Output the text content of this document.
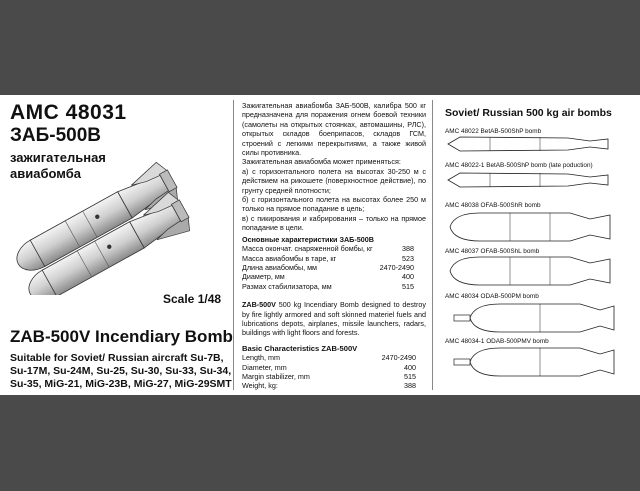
AMC 48031
ЗАБ-500В
зажигательная
авиабомба
Scale 1/48
ZAB-500V Incendiary Bomb
Suitable for Soviet/ Russian aircraft Su-7B, Su-17M, Su-24M, Su-25, Su-30, Su-33, Su-34, Su-35, MiG-21, MiG-23B, MiG-27, MiG-29SMT

Зажигательная авиабомба ЗАБ-500В, калибра 500 кг предназначена для поражения огнем боевой техники (самолеты на открытых стоянках, автомашины, РЛС), открытых складов боеприпасов, складов ГСМ, строений с легкими перекрытиями, а также живой силы противника.

Зажигательная авиабомба может применяться:

а) с горизонтального полета на высотах 30-250 м с действием на рикошете (поверхностное действие), по грунту средней плотности;

б) с горизонтального полета на высотах более 250 м только на прямое попадание в цель;

в) с пикирования и кабрирования – только на прямое попадание в цели.

Основные характеристики ЗАБ-500В

Масса окончат. снаряженной бомбы, кг	388
Масса авиабомбы в таре, кг	523
Длина авиабомбы, мм	2470-2490
Диаметр, мм	400
Размах стабилизатора, мм	515

ZAB-500V 500 kg Incendiary Bomb designed to destroy by fire lightly armored and soft skinned materiel fuels and lubrications depots, airplanes, missile launchers, radars, buildings with light floors and forests.

Basic Characteristics ZAB-500V

Length, mm	2470-2490
Diameter, mm	400
Margin stabilizer, mm	515
Weight, kg:	388
Soviet/ Russian 500 kg air bombs
AMC 48022 BetAB-500ShP bomb
AMC 48022-1 BetAB-500ShP bomb (late poduction)
AMC 48038 OFAB-500ShR bomb
AMC 48037 OFAB-500ShL bomb
AMC 48034 ODAB-500PM bomb
AMC 48034-1 ODAB-500PMV bomb
